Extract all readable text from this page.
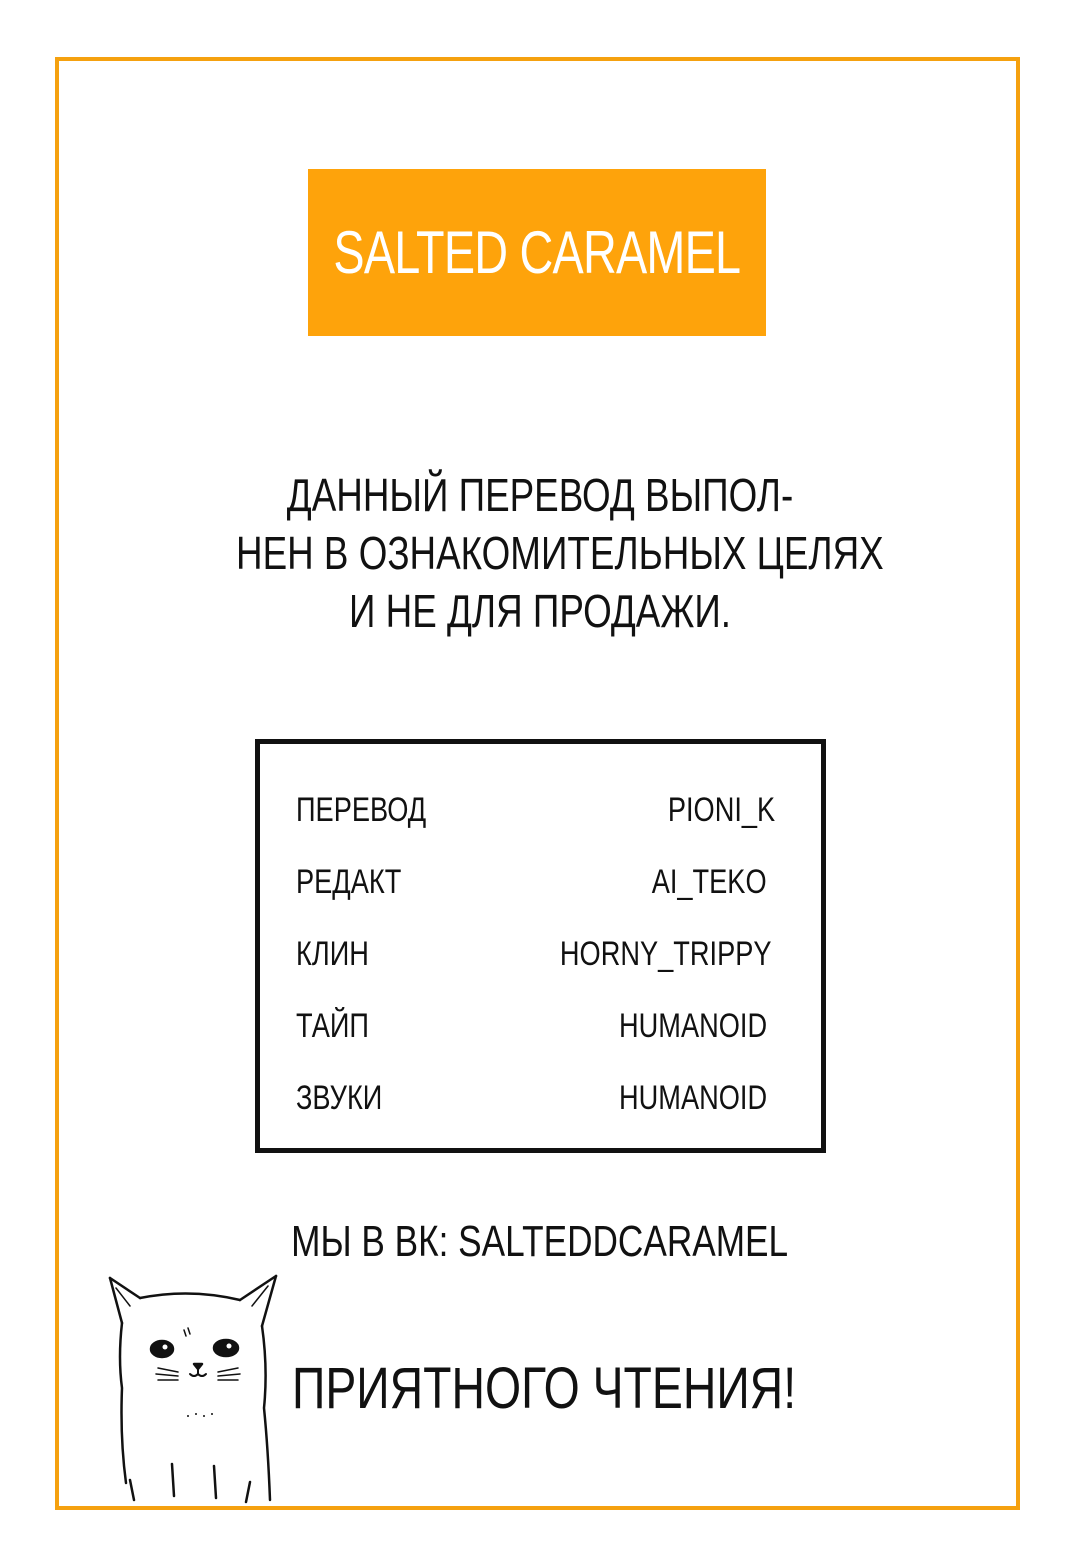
SALTED CARAMEL
ДАННЫЙ ПЕРЕВОД ВЫПОЛ-
НЕН В ОЗНАКОМИТЕЛЬНЫХ ЦЕЛЯХ
И НЕ ДЛЯ ПРОДАЖИ.
ПЕРЕВОД	PIONI_K
РЕДАКТ	AI_TEKO
КЛИН	HORNY_TRIPPY
ТАЙП	HUMANOID
ЗВУКИ	HUMANOID
МЫ В ВК: SALTEDDCARAMEL
ПРИЯТНОГО ЧТЕНИЯ!
